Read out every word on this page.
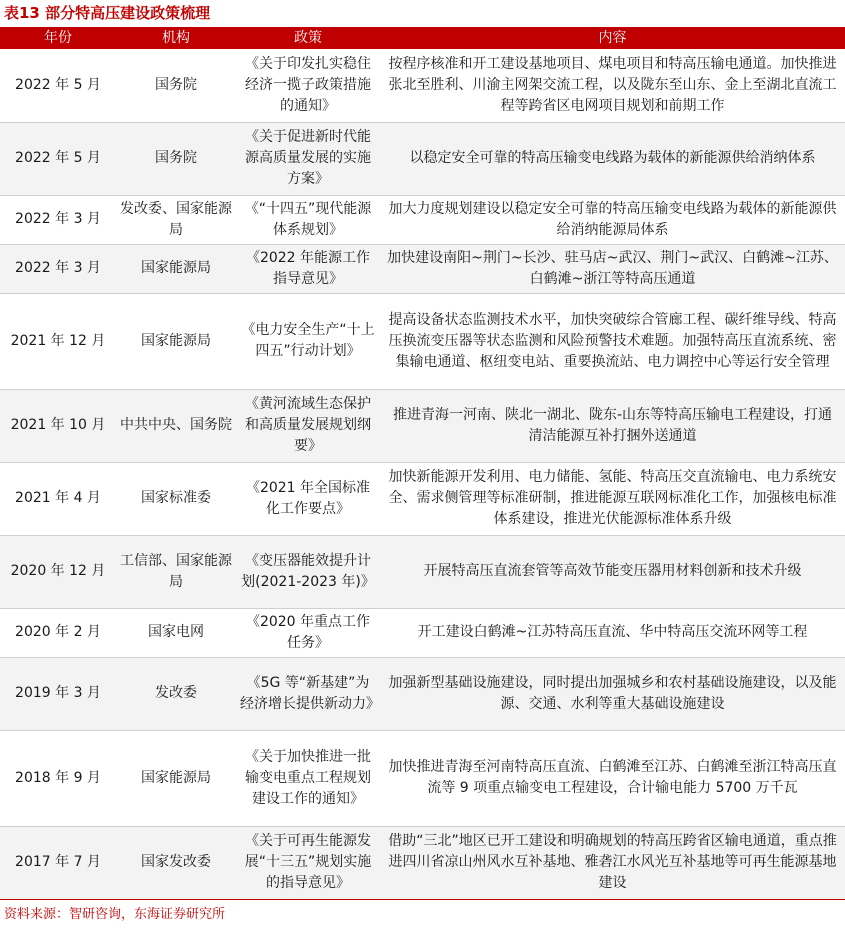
表13 部分特高压建设政策梳理
年份	机构	政策	内容
2022 年 5 月	国务院	《关于印发扎实稳住经济一揽子政策措施的通知》	按程序核准和开工建设基地项目、煤电项目和特高压输电通道。加快推进张北至胜利、川渝主网架交流工程，以及陇东至山东、金上至湖北直流工程等跨省区电网项目规划和前期工作
2022 年 5 月	国务院	《关于促进新时代能源高质量发展的实施方案》	以稳定安全可靠的特高压输变电线路为载体的新能源供给消纳体系
2022 年 3 月	发改委、国家能源局	《“十四五”现代能源体系规划》	加大力度规划建设以稳定安全可靠的特高压输变电线路为载体的新能源供给消纳能源局体系
2022 年 3 月	国家能源局	《2022 年能源工作指导意见》	加快建设南阳~荆门~长沙、驻马店~武汉、荆门~武汉、白鹤滩~江苏、白鹤滩~浙江等特高压通道
2021 年 12 月	国家能源局	《电力安全生产“十上四五”行动计划》	提高设备状态监测技术水平，加快突破综合管廊工程、碳纤维导线、特高压换流变压器等状态监测和风险预警技术难题。加强特高压直流系统、密集输电通道、枢纽变电站、重要换流站、电力调控中心等运行安全管理
2021 年 10 月	中共中央、国务院	《黄河流域生态保护和高质量发展规划纲要》	推进青海一河南、陕北一湖北、陇东-山东等特高压输电工程建设，打通清洁能源互补打捆外送通道
2021 年 4 月	国家标准委	《2021 年全国标准化工作要点》	加快新能源开发利用、电力储能、氢能、特高压交直流输电、电力系统安全、需求侧管理等标准研制，推进能源互联网标准化工作，加强核电标准体系建设，推进光伏能源标准体系升级
2020 年 12 月	工信部、国家能源局	《变压器能效提升计划(2021-2023 年)》	开展特高压直流套管等高效节能变压器用材料创新和技术升级
2020 年 2 月	国家电网	《2020 年重点工作任务》	开工建设白鹤滩~江苏特高压直流、华中特高压交流环网等工程
2019 年 3 月	发改委	《5G 等“新基建”为经济增长提供新动力》	加强新型基础设施建设，同时提出加强城乡和农村基础设施建设，以及能源、交通、水利等重大基础设施建设
2018 年 9 月	国家能源局	《关于加快推进一批输变电重点工程规划建设工作的通知》	加快推进青海至河南特高压直流、白鹤滩至江苏、白鹤滩至浙江特高压直流等 9 项重点输变电工程建设，合计输电能力 5700 万千瓦
2017 年 7 月	国家发改委	《关于可再生能源发展“十三五”规划实施的指导意见》	借助“三北”地区已开工建设和明确规划的特高压跨省区输电通道，重点推进四川省凉山州风水互补基地、雅砻江水风光互补基地等可再生能源基地建设
资料来源：智研咨询，东海证券研究所
